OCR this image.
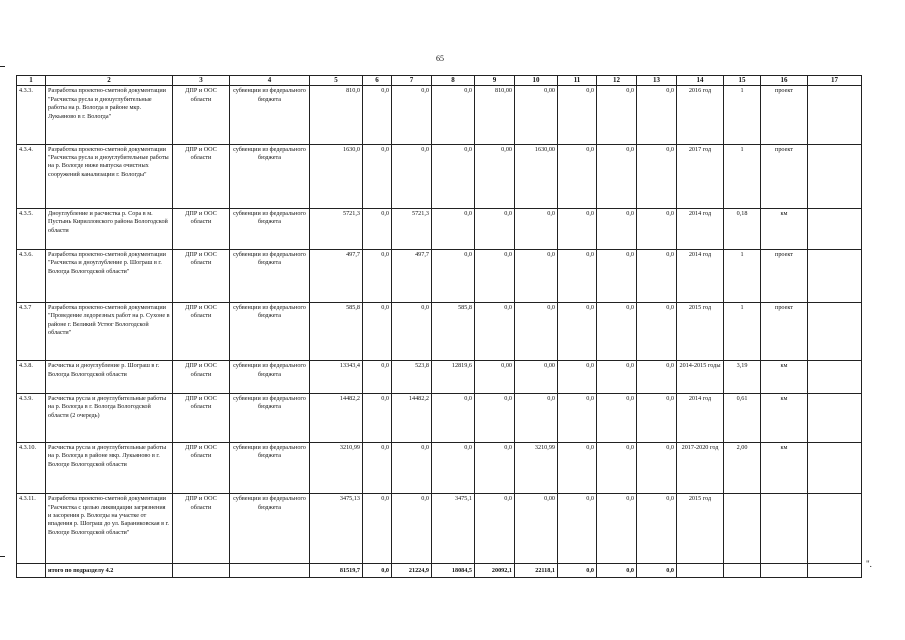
65
".
1	2	3	4	5	6	7	8	9	10	11	12	13	14	15	16	17
4.3.3.	Разработка проектно-сметной документации "Расчистка русла и днouуглубительные работы на р. Вологда в районе мкр. Лукьяново в г. Вологда"	ДПР и ООС области	субвенции из федерального бюджета	810,0	0,0	0,0	0,0	810,00	0,00	0,0	0,0	0,0	2016 год	1	проект	
4.3.4.	Разработка проектно-сметной документации "Расчистка русла и дноуглубительные работы на р. Вологде ниже выпуска очистных сооружений канализации г. Вологды"	ДПР и ООС области	субвенции из федерального бюджета	1630,0	0,0	0,0	0,0	0,00	1630,00	0,0	0,0	0,0	2017 год	1	проект	
4.3.5.	Дноуглубление и расчистка р. Сора в м. Пустынь Кирилловского района Вологодской области	ДПР и ООС области	субвенции из федерального бюджета	5721,3	0,0	5721,3	0,0	0,0	0,0	0,0	0,0	0,0	2014 год	0,18	км	
4.3.6.	Разработка проектно-сметной документации "Расчистка и дноуглубление р. Шограш в г. Вологда Вологодской области"	ДПР и ООС области	субвенции из федерального бюджета	497,7	0,0	497,7	0,0	0,0	0,0	0,0	0,0	0,0	2014 год	1	проект	
4.3.7	Разработка проектно-сметной документации "Проведение ледорезных работ на р. Сухоне в районе г. Великий Устюг Вологодской области"	ДПР и ООС области	субвенции из федерального бюджета	585,8	0,0	0,0	585,8	0,0	0,0	0,0	0,0	0,0	2015 год	1	проект	
4.3.8.	Расчистка и дноуглубление р. Шограш в г. Вологда Вологодской области	ДПР и ООС области	субвенции из федерального бюджета	13343,4	0,0	523,8	12819,6	0,00	0,00	0,0	0,0	0,0	2014-2015 годы	3,19	км	
4.3.9.	Расчистка русла и дноуглубительные работы на р. Вологда в г. Вологда Вологодской области (2 очередь)	ДПР и ООС области	субвенции из федерального бюджета	14482,2	0,0	14482,2	0,0	0,0	0,0	0,0	0,0	0,0	2014 год	0,61	км	
4.3.10.	Расчистка русла и дноуглубительные работы на р. Вологда в районе мкр. Лукьяново в г. Вологде Вологодской области	ДПР и ООС области	субвенции из федерального бюджета	3210,99	0,0	0,0	0,0	0,0	3210,99	0,0	0,0	0,0	2017-2020 год	2,00	км	
4.3.11.	Разработка проектно-сметной документации "Расчистка с целью ликвидации загрязнения и засорения р. Вологды на участке от впадения р. Шограш до ул. Бараниковская в г. Вологде Вологодской области"	ДПР и ООС области	субвенции из федерального бюджета	3475,13	0,0	0,0	3475,1	0,0	0,00	0,0	0,0	0,0	2015 год			
	итого по подразделу 4.2			81519,7	0,0	21224,9	18084,5	20092,1	22118,1	0,0	0,0	0,0				
